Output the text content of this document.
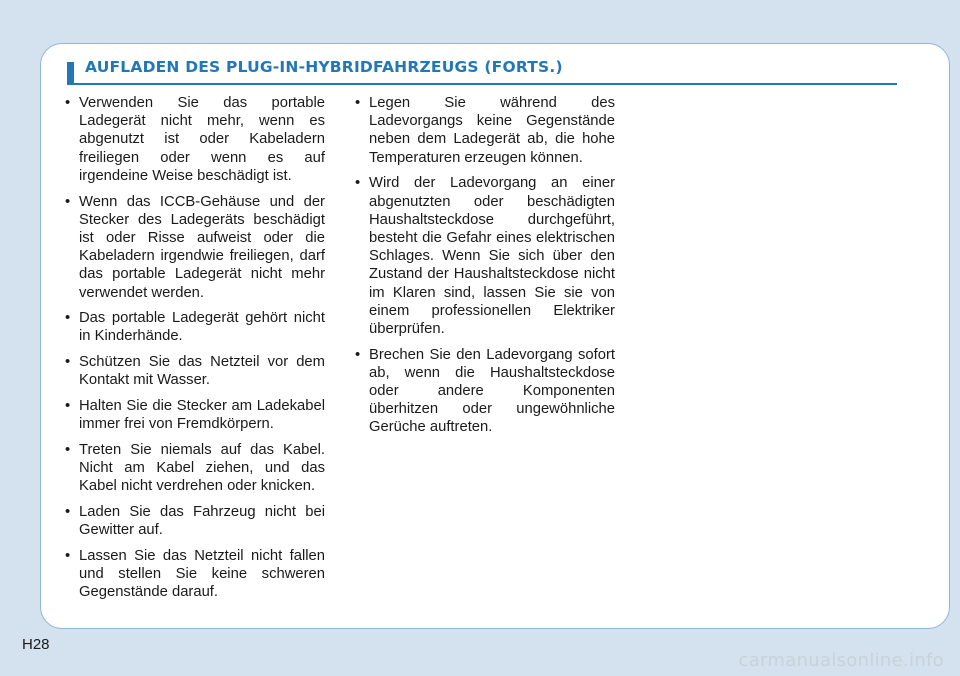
AUFLADEN DES PLUG-IN-HYBRIDFAHRZEUGS (FORTS.)
• Verwenden Sie das portable Ladegerät nicht mehr, wenn es abgenutzt ist oder Kabeladern freiliegen oder wenn es auf irgendeine Weise beschädigt ist.
• Wenn das ICCB-Gehäuse und der Stecker des Ladegeräts beschädigt ist oder Risse aufweist oder die Kabeladern irgendwie freiliegen, darf das portable Ladegerät nicht mehr verwendet werden.
• Das portable Ladegerät gehört nicht in Kinderhände.
• Schützen Sie das Netzteil vor dem Kontakt mit Wasser.
• Halten Sie die Stecker am Ladekabel immer frei von Fremdkörpern.
• Treten Sie niemals auf das Kabel. Nicht am Kabel ziehen, und das Kabel nicht verdrehen oder knicken.
• Laden Sie das Fahrzeug nicht bei Gewitter auf.
• Lassen Sie das Netzteil nicht fallen und stellen Sie keine schweren Gegenstände darauf.
• Legen Sie während des Ladevorgangs keine Gegenstände neben dem Ladegerät ab, die hohe Temperaturen erzeugen können.
• Wird der Ladevorgang an einer abgenutzten oder beschädigten Haushaltsteckdose durchgeführt, besteht die Gefahr eines elektrischen Schlages. Wenn Sie sich über den Zustand der Haushaltsteckdose nicht im Klaren sind, lassen Sie sie von einem professionellen Elektriker überprüfen.
• Brechen Sie den Ladevorgang sofort ab, wenn die Haushaltsteckdose oder andere Komponenten überhitzen oder ungewöhnliche Gerüche auftreten.
H28
carmanualsonline.info
